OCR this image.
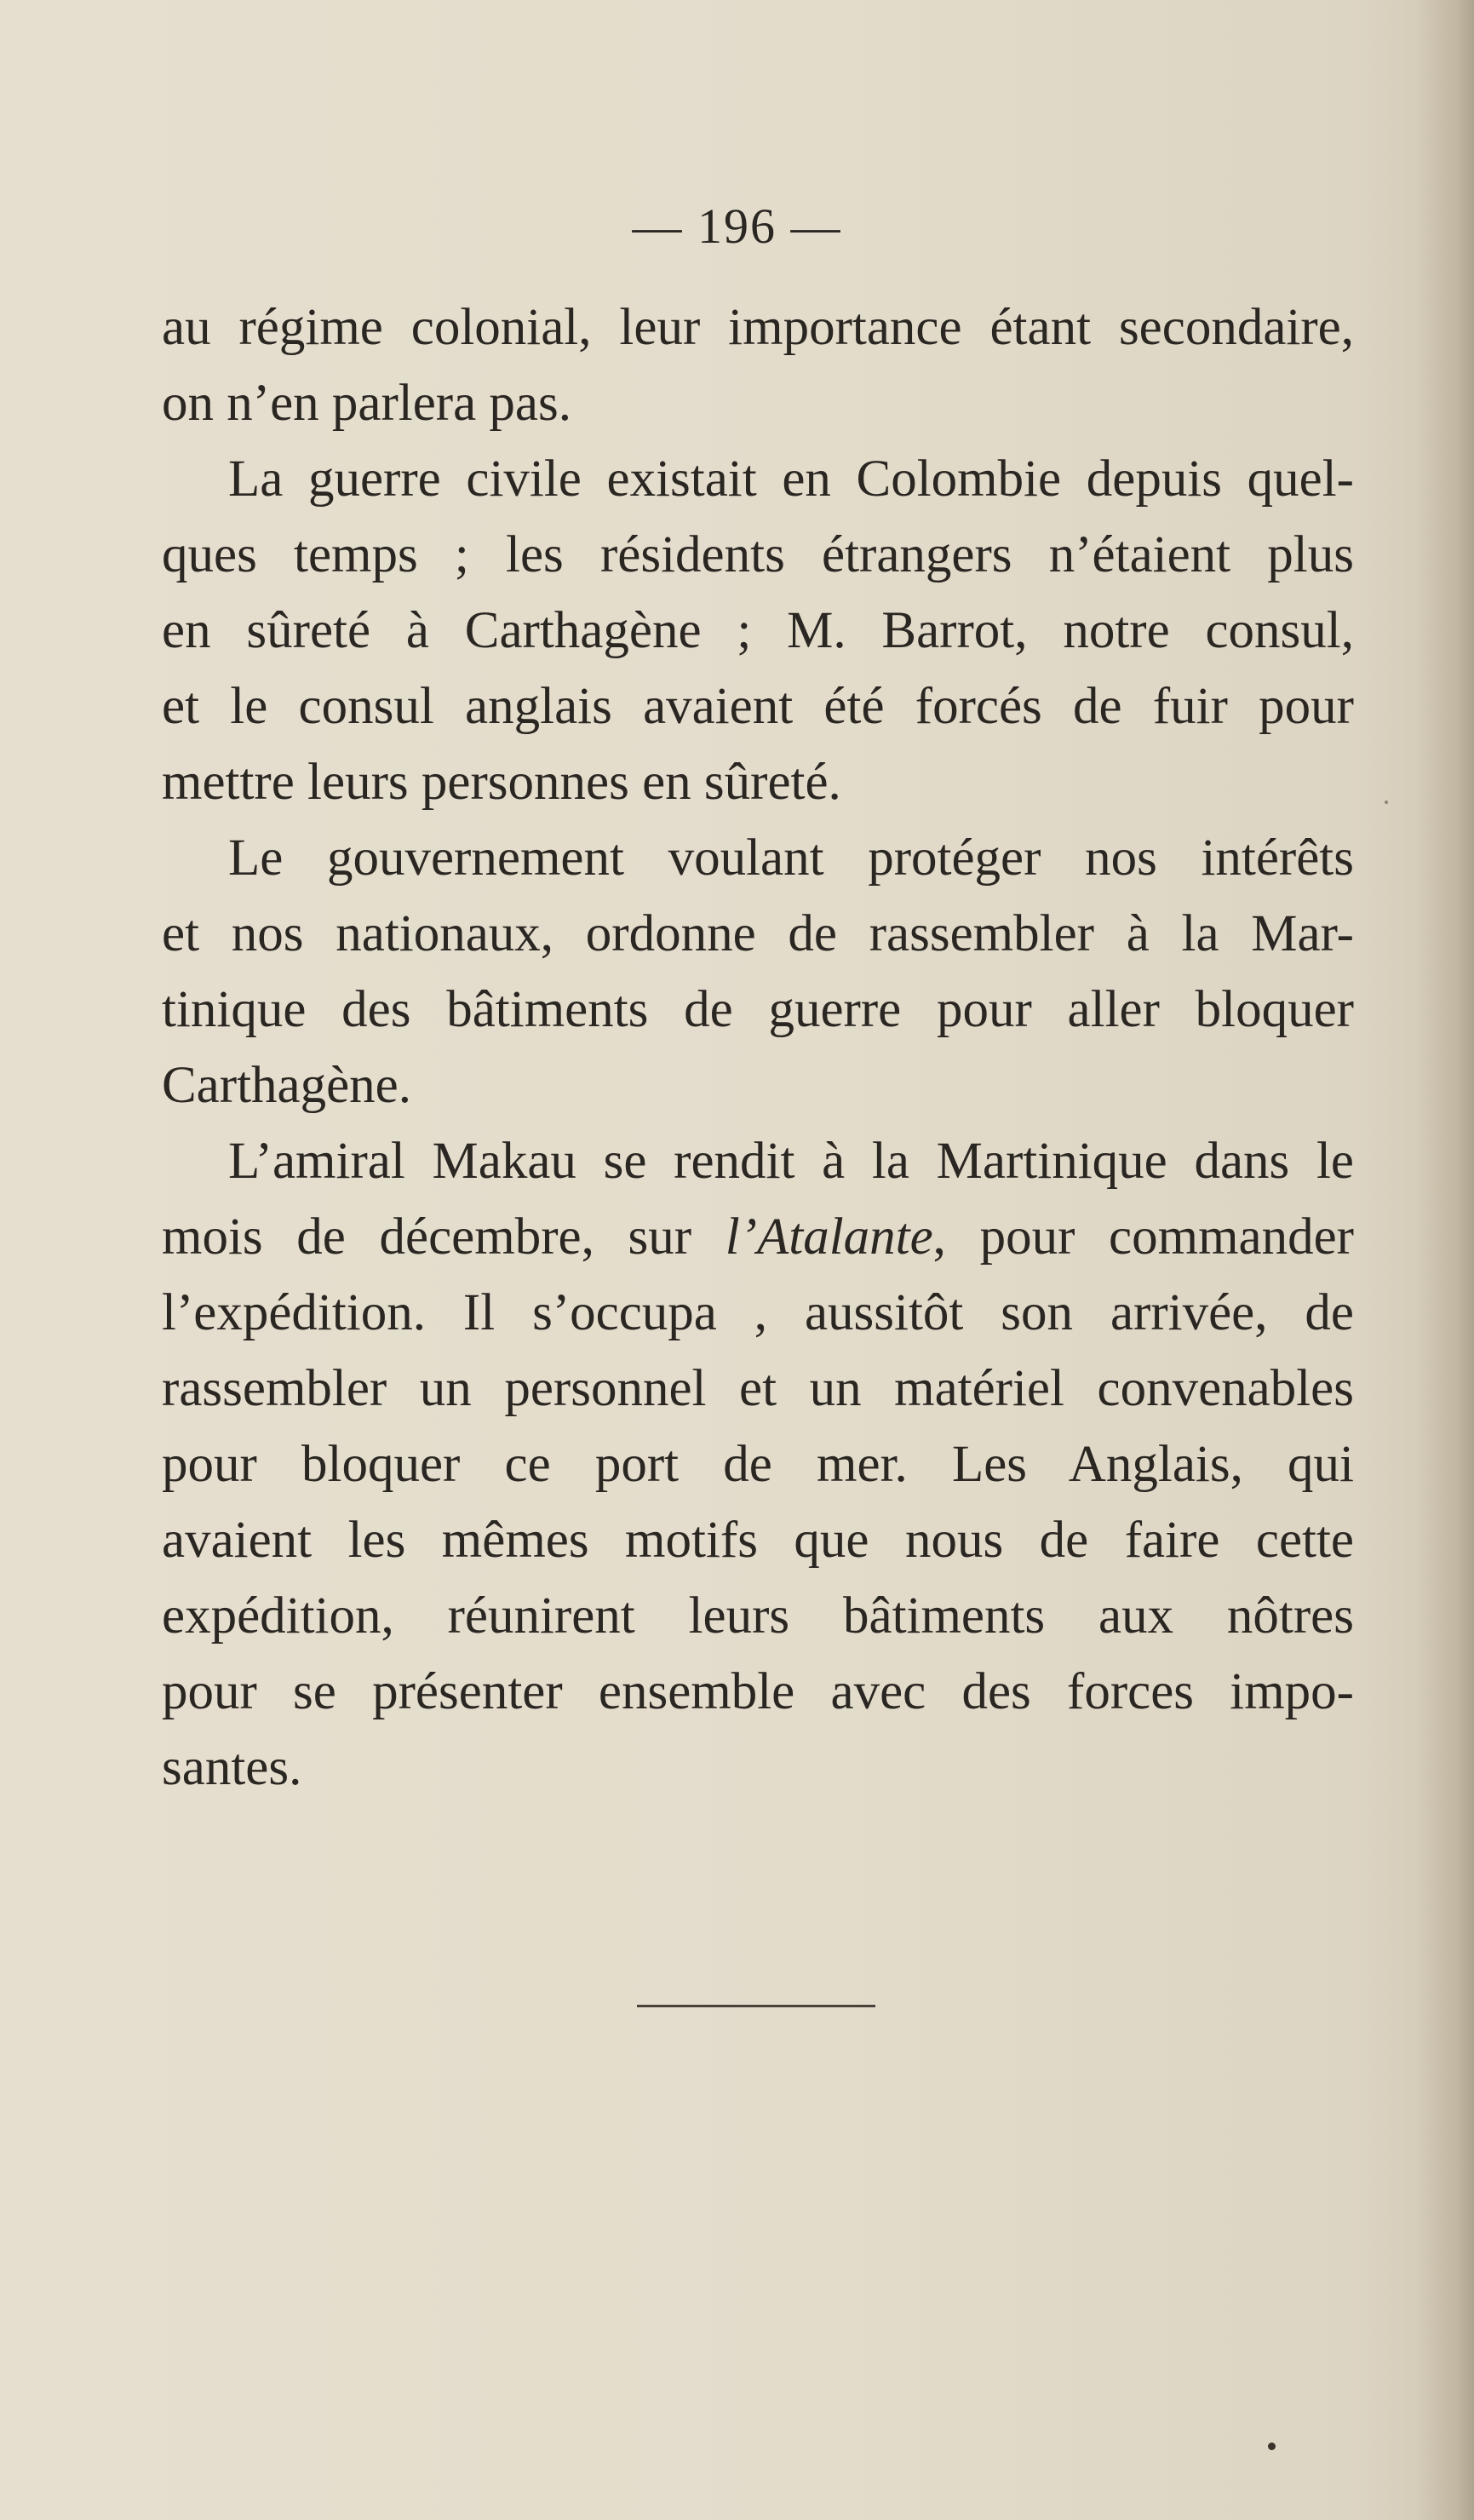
— 196 —
au régime colonial, leur importance étant secondaire,
on n’en parlera pas.
La guerre civile existait en Colombie depuis quel-
ques temps ; les résidents étrangers n’étaient plus
en sûreté à Carthagène ; M. Barrot, notre consul,
et le consul anglais avaient été forcés de fuir pour
mettre leurs personnes en sûreté.
Le gouvernement voulant protéger nos intérêts
et nos nationaux, ordonne de rassembler à la Mar-
tinique des bâtiments de guerre pour aller bloquer
Carthagène.
L’amiral Makau se rendit à la Martinique dans le
mois de décembre, sur l’Atalante, pour commander
l’expédition. Il s’occupa , aussitôt son arrivée, de
rassembler un personnel et un matériel convenables
pour bloquer ce port de mer. Les Anglais, qui
avaient les mêmes motifs que nous de faire cette
expédition, réunirent leurs bâtiments aux nôtres
pour se présenter ensemble avec des forces impo-
santes.
